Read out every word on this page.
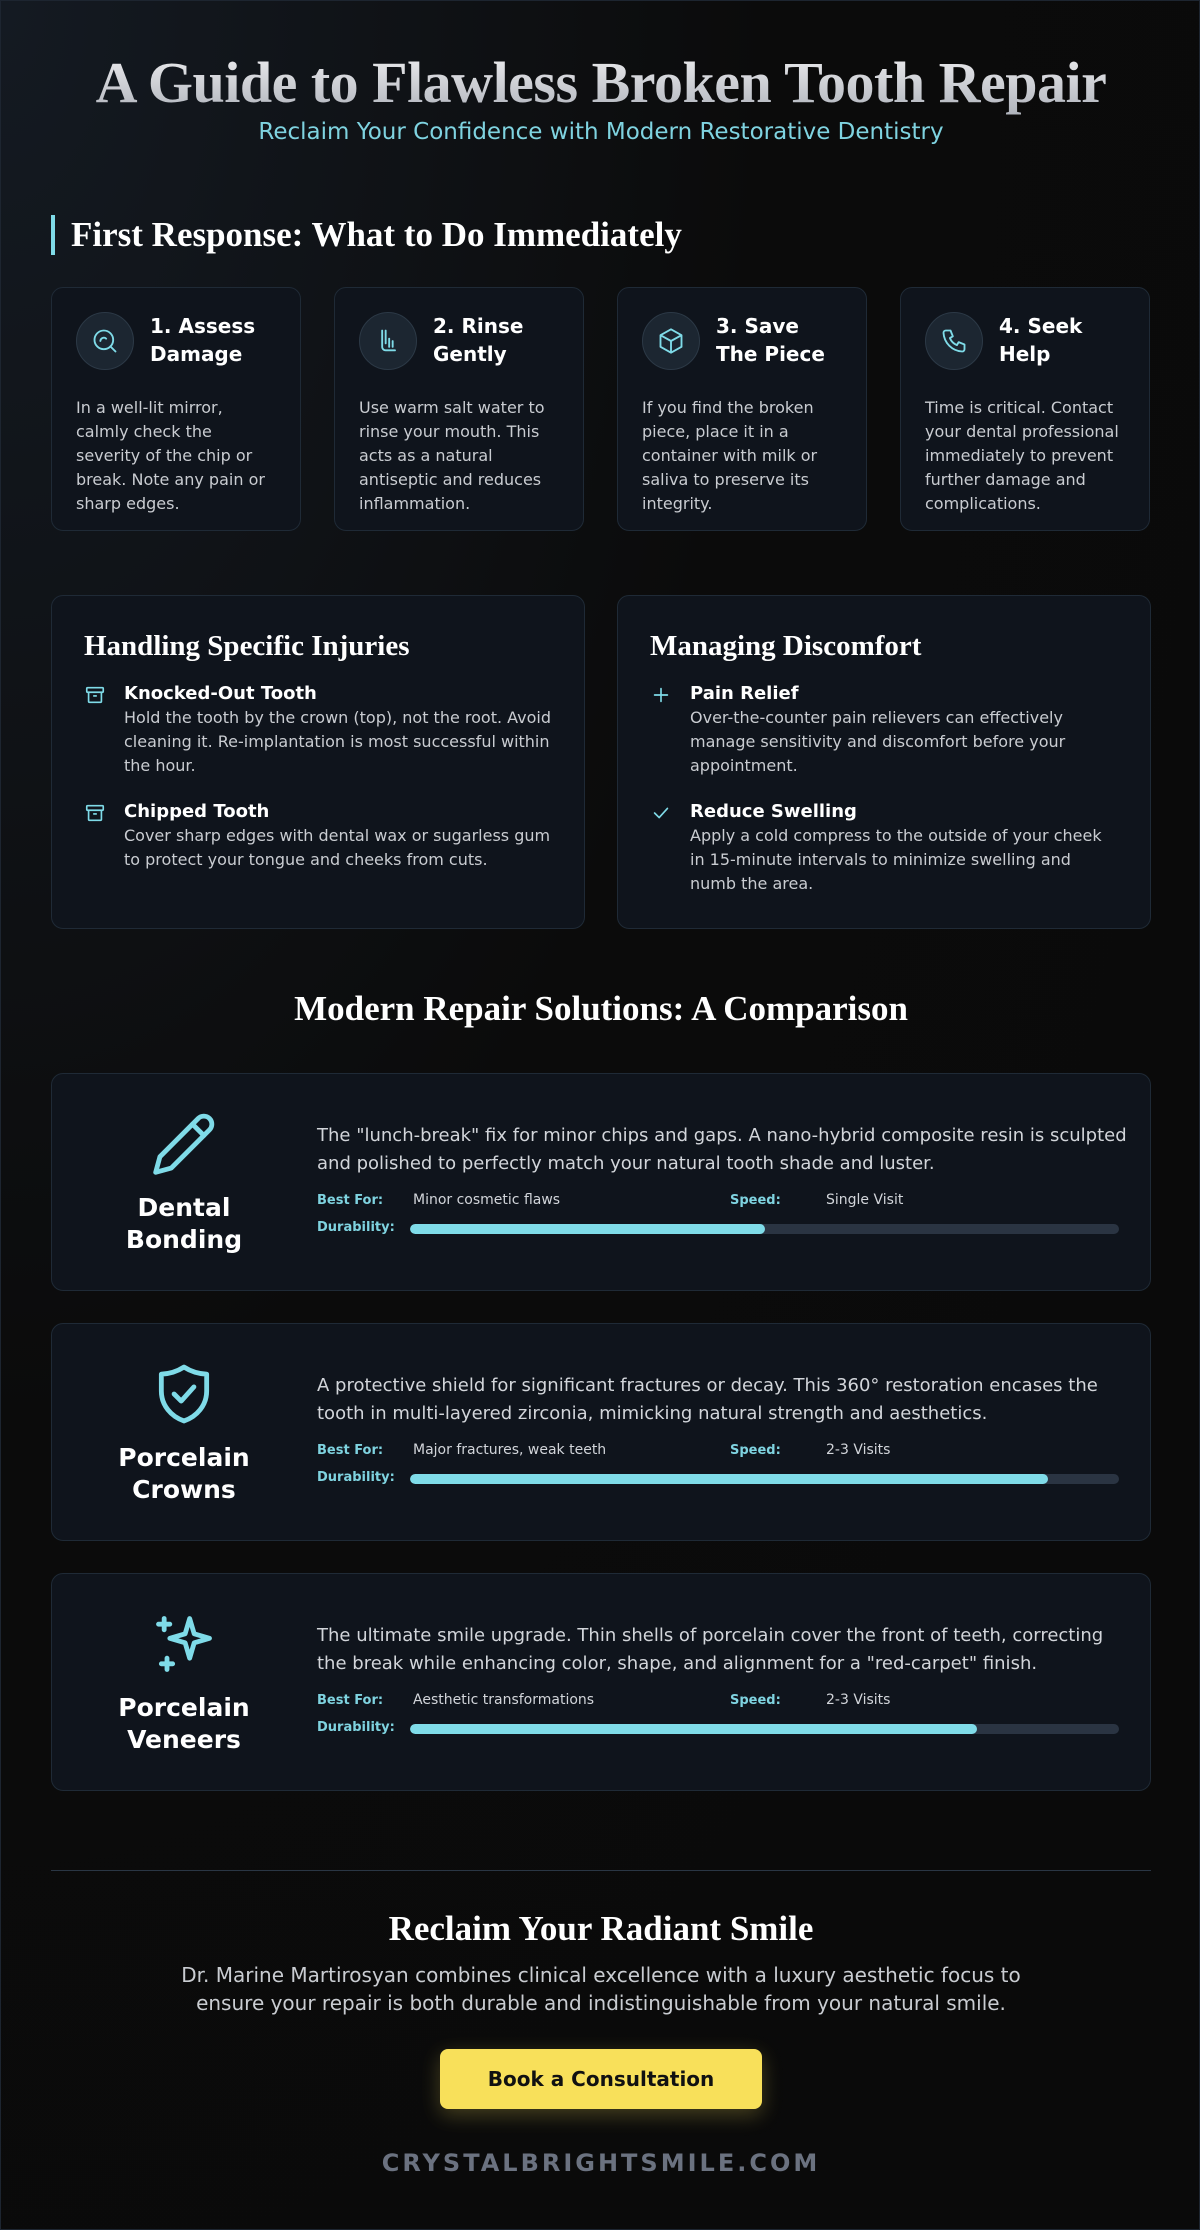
A Guide to Flawless Broken Tooth Repair
Reclaim Your Confidence with Modern Restorative Dentistry
First Response: What to Do Immediately
1. Assess
Damage

In a well-lit mirror, calmly check the severity of the chip or break. Note any pain or sharp edges.

2. Rinse
Gently

Use warm salt water to rinse your mouth. This acts as a natural antiseptic and reduces inflammation.

3. Save
The Piece

If you find the broken piece, place it in a container with milk or saliva to preserve its integrity.

4. Seek
Help

Time is critical. Contact your dental professional immediately to prevent further damage and complications.

Handling Specific Injuries
Knocked-Out Tooth
Hold the tooth by the crown (top), not the root. Avoid cleaning it. Re-implantation is most successful within the hour.
Chipped Tooth
Cover sharp edges with dental wax or sugarless gum to protect your tongue and cheeks from cuts.
Managing Discomfort
Pain Relief
Over-the-counter pain relievers can effectively manage sensitivity and discomfort before your appointment.
Reduce Swelling
Apply a cold compress to the outside of your cheek in 15-minute intervals to minimize swelling and numb the area.
Modern Repair Solutions: A Comparison
Dental
Bonding

The "lunch-break" fix for minor chips and gaps. A nano-hybrid composite resin is sculpted and polished to perfectly match your natural tooth shade and luster.

Best For: Minor cosmetic flaws	Speed:	Single Visit
Durability:
Porcelain
Crowns

A protective shield for significant fractures or decay. This 360° restoration encases the tooth in multi-layered zirconia, mimicking natural strength and aesthetics.

Best For: Major fractures, weak teeth	Speed:	2-3 Visits
Durability:
Porcelain
Veneers

The ultimate smile upgrade. Thin shells of porcelain cover the front of teeth, correcting the break while enhancing color, shape, and alignment for a "red-carpet" finish.

Best For: Aesthetic transformations	Speed:	2-3 Visits
Durability:
Reclaim Your Radiant Smile

Dr. Marine Martirosyan combines clinical excellence with a luxury aesthetic focus to ensure your repair is both durable and indistinguishable from your natural smile.

Book a Consultation
CRYSTALBRIGHTSMILE.COM
